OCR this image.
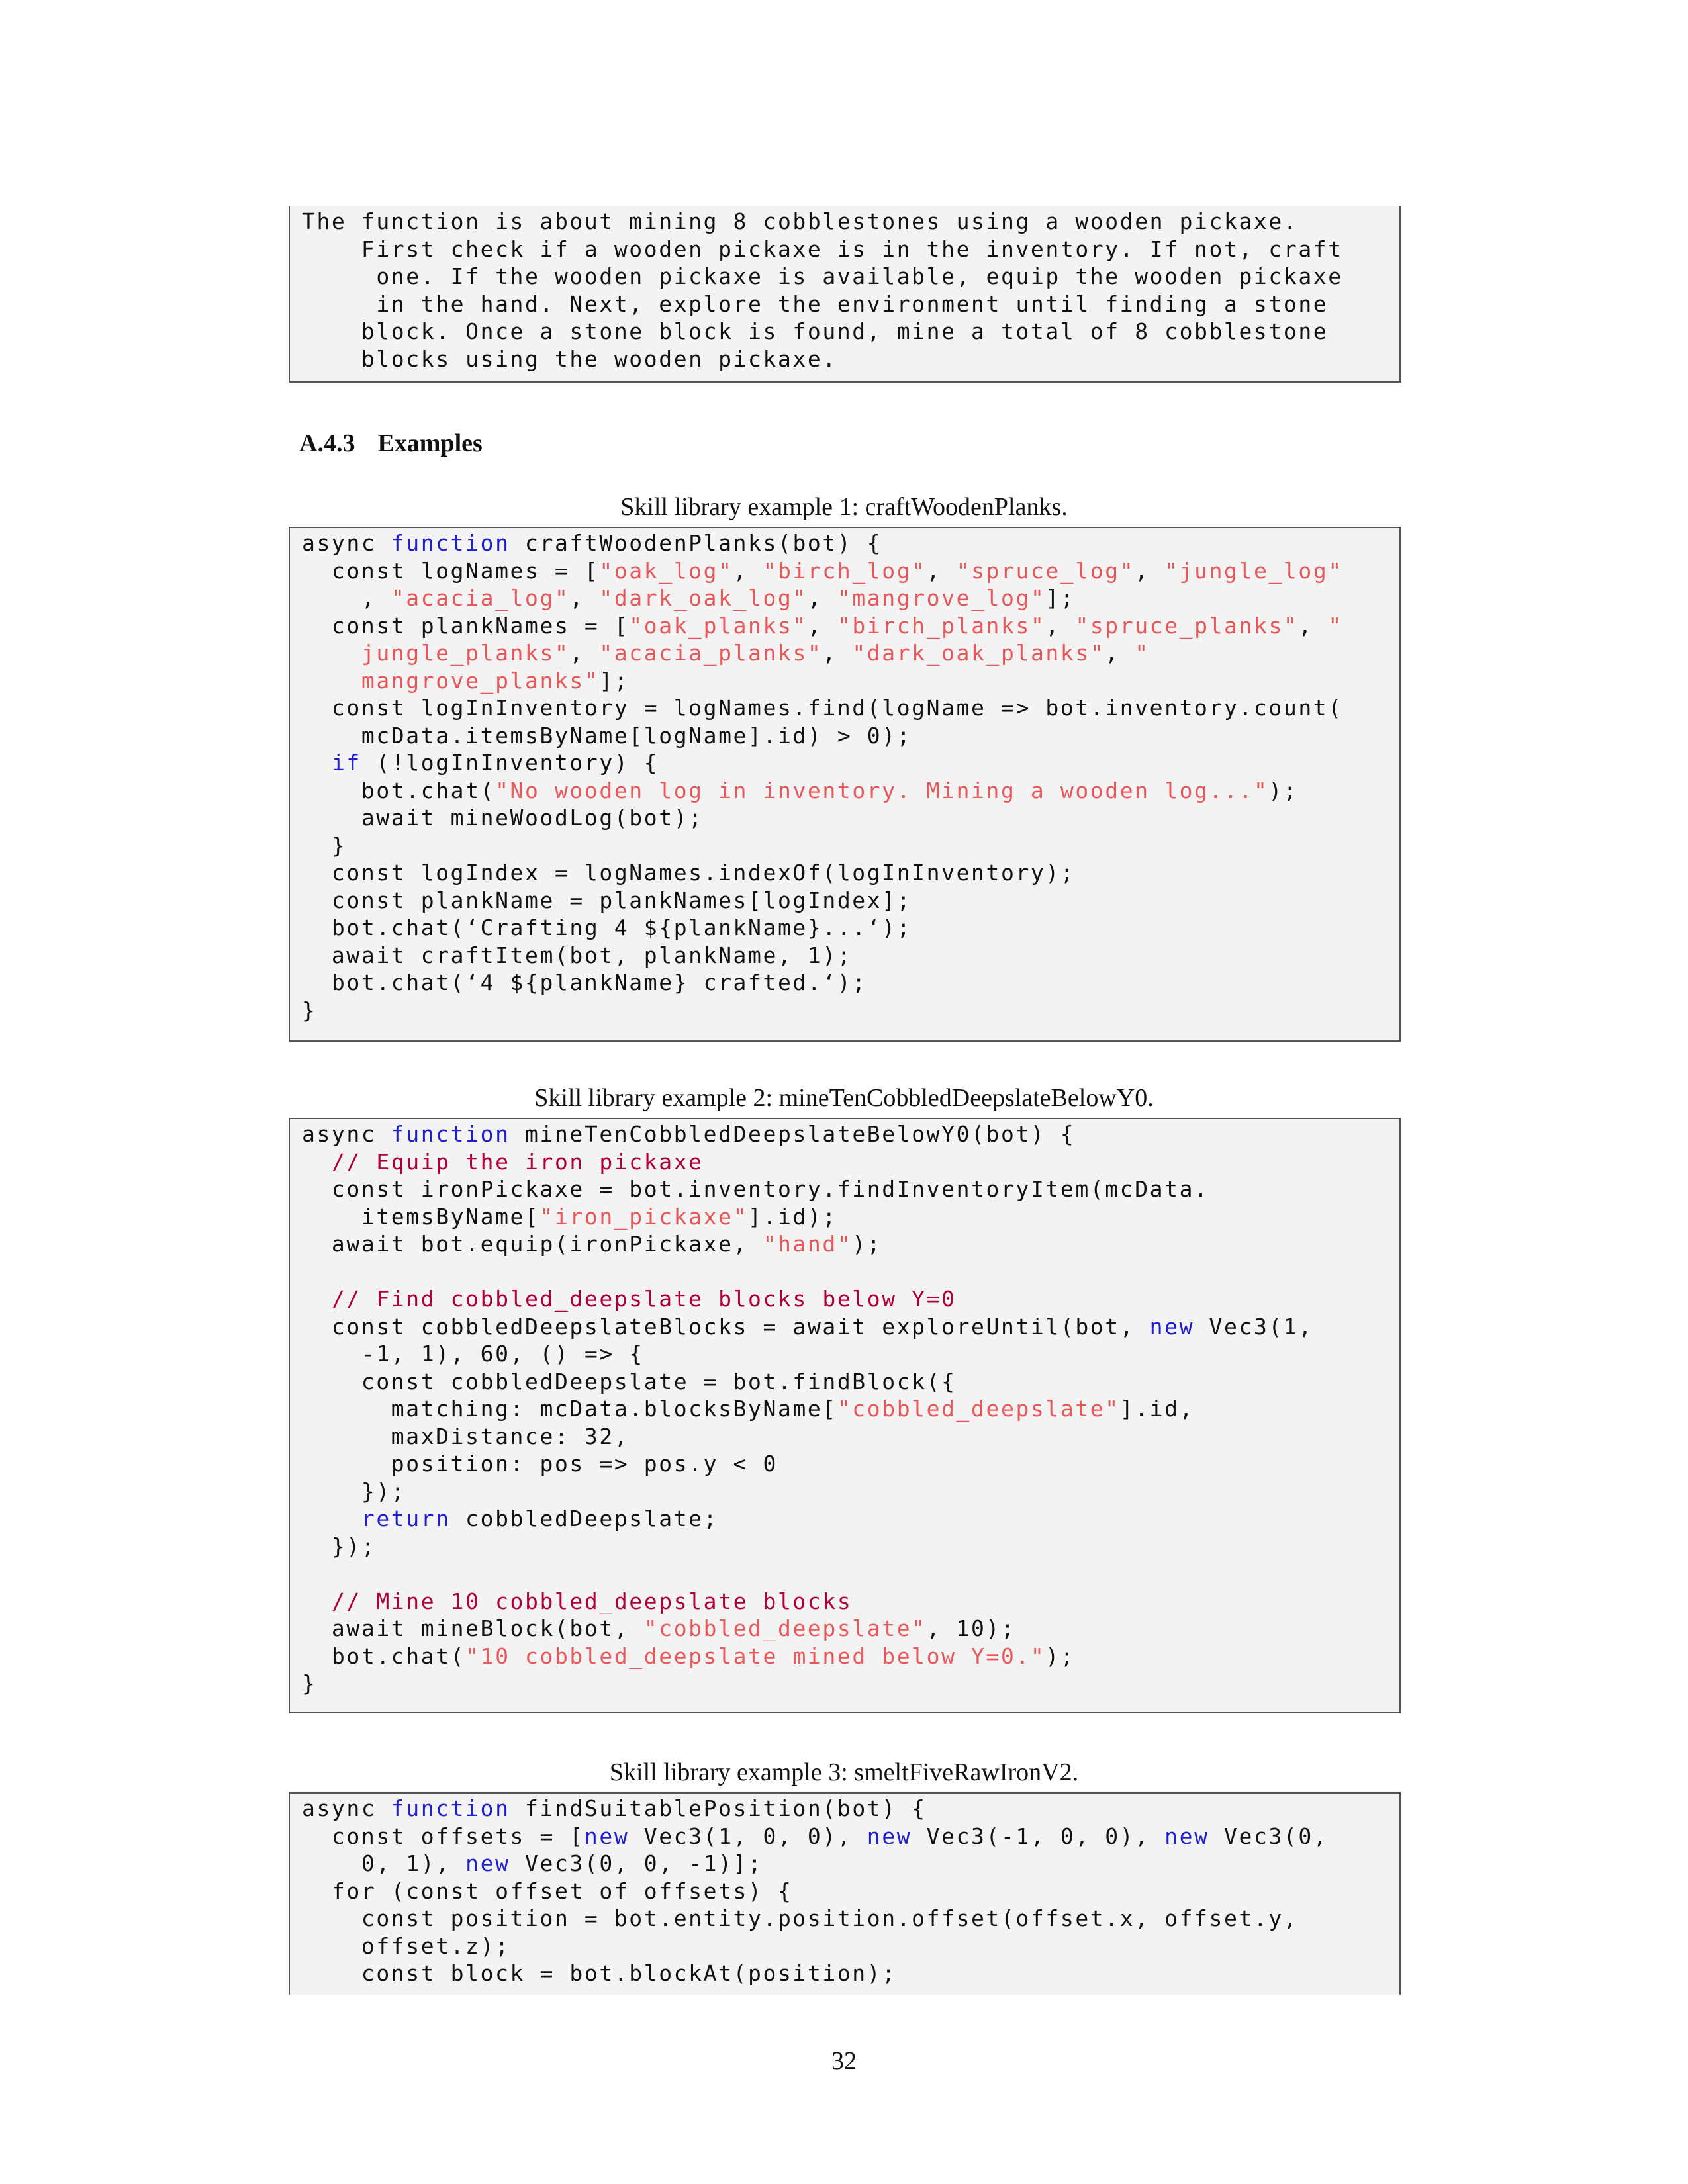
The function is about mining 8 cobblestones using a wooden pickaxe.
First check if a wooden pickaxe is in the inventory. If not, craft
one. If the wooden pickaxe is available, equip the wooden pickaxe
in the hand. Next, explore the environment until finding a stone
block. Once a stone block is found, mine a total of 8 cobblestone
blocks using the wooden pickaxe.
A.4.3 Examples
Skill library example 1: craftWoodenPlanks.
async function craftWoodenPlanks(bot) {
const logNames = ["oak_log", "birch_log", "spruce_log", "jungle_log"
, "acacia_log", "dark_oak_log", "mangrove_log"];
const plankNames = ["oak_planks", "birch_planks", "spruce_planks", "
jungle_planks", "acacia_planks", "dark_oak_planks", "
mangrove_planks"];
const logInInventory = logNames.find(logName => bot.inventory.count(
mcData.itemsByName[logName].id) > 0);
if (!logInInventory) {
bot.chat("No wooden log in inventory. Mining a wooden log...");
await mineWoodLog(bot);
}
const logIndex = logNames.indexOf(logInInventory);
const plankName = plankNames[logIndex];
bot.chat(‘Crafting 4 ${plankName}...‘);
await craftItem(bot, plankName, 1);
bot.chat(‘4 ${plankName} crafted.‘);
}
Skill library example 2: mineTenCobbledDeepslateBelowY0.
async function mineTenCobbledDeepslateBelowY0(bot) {
// Equip the iron pickaxe
const ironPickaxe = bot.inventory.findInventoryItem(mcData.
itemsByName["iron_pickaxe"].id);
await bot.equip(ironPickaxe, "hand");
// Find cobbled_deepslate blocks below Y=0
const cobbledDeepslateBlocks = await exploreUntil(bot, new Vec3(1,
-1, 1), 60, () => {
const cobbledDeepslate = bot.findBlock({
matching: mcData.blocksByName["cobbled_deepslate"].id,
maxDistance: 32,
position: pos => pos.y < 0
});
return cobbledDeepslate;
});
// Mine 10 cobbled_deepslate blocks
await mineBlock(bot, "cobbled_deepslate", 10);
bot.chat("10 cobbled_deepslate mined below Y=0.");
}
Skill library example 3: smeltFiveRawIronV2.
async function findSuitablePosition(bot) {
const offsets = [new Vec3(1, 0, 0), new Vec3(-1, 0, 0), new Vec3(0,
0, 1), new Vec3(0, 0, -1)];
for (const offset of offsets) {
const position = bot.entity.position.offset(offset.x, offset.y,
offset.z);
const block = bot.blockAt(position);
32
